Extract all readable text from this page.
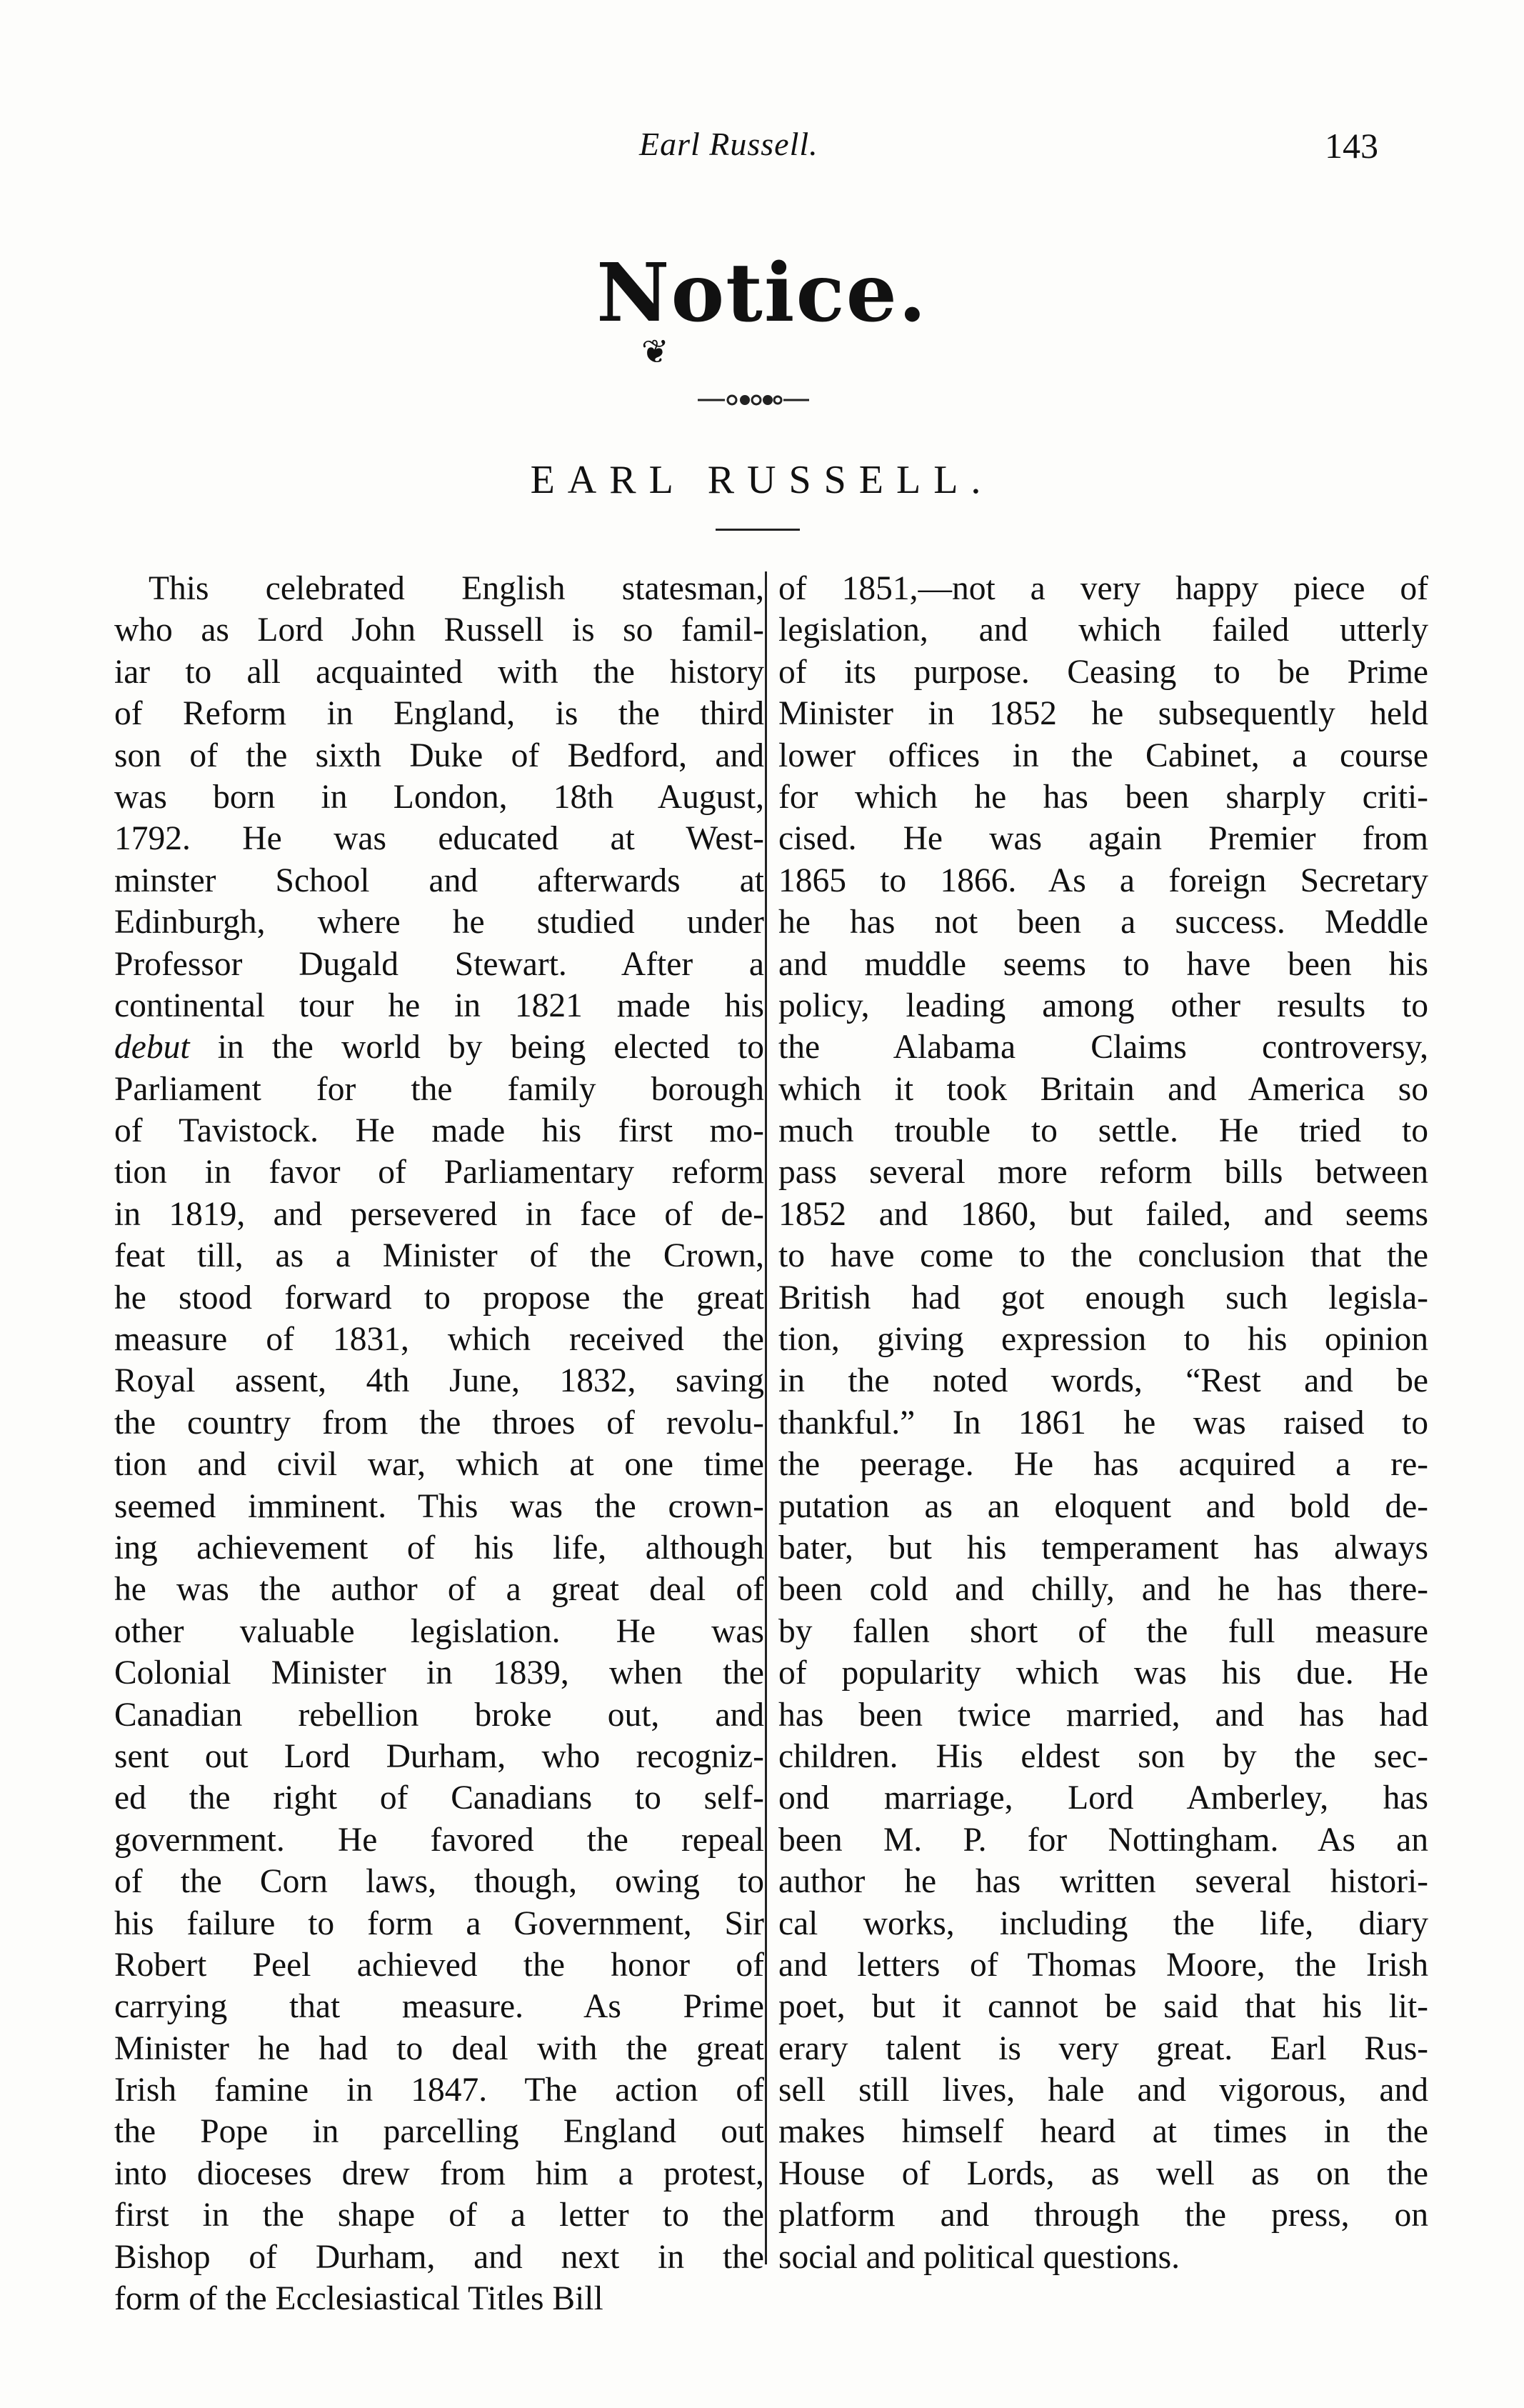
Earl Russell.	143
Notice.
❦
EARL RUSSELL.
This celebrated English statesman,
who as Lord John Russell is so famil-
iar to all acquainted with the history
of Reform in England, is the third
son of the sixth Duke of Bedford, and
was born in London, 18th August,
1792. He was educated at West-
minster School and afterwards at
Edinburgh, where he studied under
Professor Dugald Stewart. After a
continental tour he in 1821 made his
debut in the world by being elected to
Parliament for the family borough
of Tavistock. He made his first mo-
tion in favor of Parliamentary reform
in 1819, and persevered in face of de-
feat till, as a Minister of the Crown,
he stood forward to propose the great
measure of 1831, which received the
Royal assent, 4th June, 1832, saving
the country from the throes of revolu-
tion and civil war, which at one time
seemed imminent. This was the crown-
ing achievement of his life, although
he was the author of a great deal of
other valuable legislation. He was
Colonial Minister in 1839, when the
Canadian rebellion broke out, and
sent out Lord Durham, who recogniz-
ed the right of Canadians to self-
government. He favored the repeal
of the Corn laws, though, owing to
his failure to form a Government, Sir
Robert Peel achieved the honor of
carrying that measure. As Prime
Minister he had to deal with the great
Irish famine in 1847. The action of
the Pope in parcelling England out
into dioceses drew from him a protest,
first in the shape of a letter to the
Bishop of Durham, and next in the
form of the Ecclesiastical Titles Bill
of 1851,—not a very happy piece of
legislation, and which failed utterly
of its purpose. Ceasing to be Prime
Minister in 1852 he subsequently held
lower offices in the Cabinet, a course
for which he has been sharply criti-
cised. He was again Premier from
1865 to 1866. As a foreign Secretary
he has not been a success. Meddle
and muddle seems to have been his
policy, leading among other results to
the Alabama Claims controversy,
which it took Britain and America so
much trouble to settle. He tried to
pass several more reform bills between
1852 and 1860, but failed, and seems
to have come to the conclusion that the
British had got enough such legisla-
tion, giving expression to his opinion
in the noted words, “Rest and be
thankful.” In 1861 he was raised to
the peerage. He has acquired a re-
putation as an eloquent and bold de-
bater, but his temperament has always
been cold and chilly, and he has there-
by fallen short of the full measure
of popularity which was his due. He
has been twice married, and has had
children. His eldest son by the sec-
ond marriage, Lord Amberley, has
been M. P. for Nottingham. As an
author he has written several histori-
cal works, including the life, diary
and letters of Thomas Moore, the Irish
poet, but it cannot be said that his lit-
erary talent is very great. Earl Rus-
sell still lives, hale and vigorous, and
makes himself heard at times in the
House of Lords, as well as on the
platform and through the press, on
social and political questions.
